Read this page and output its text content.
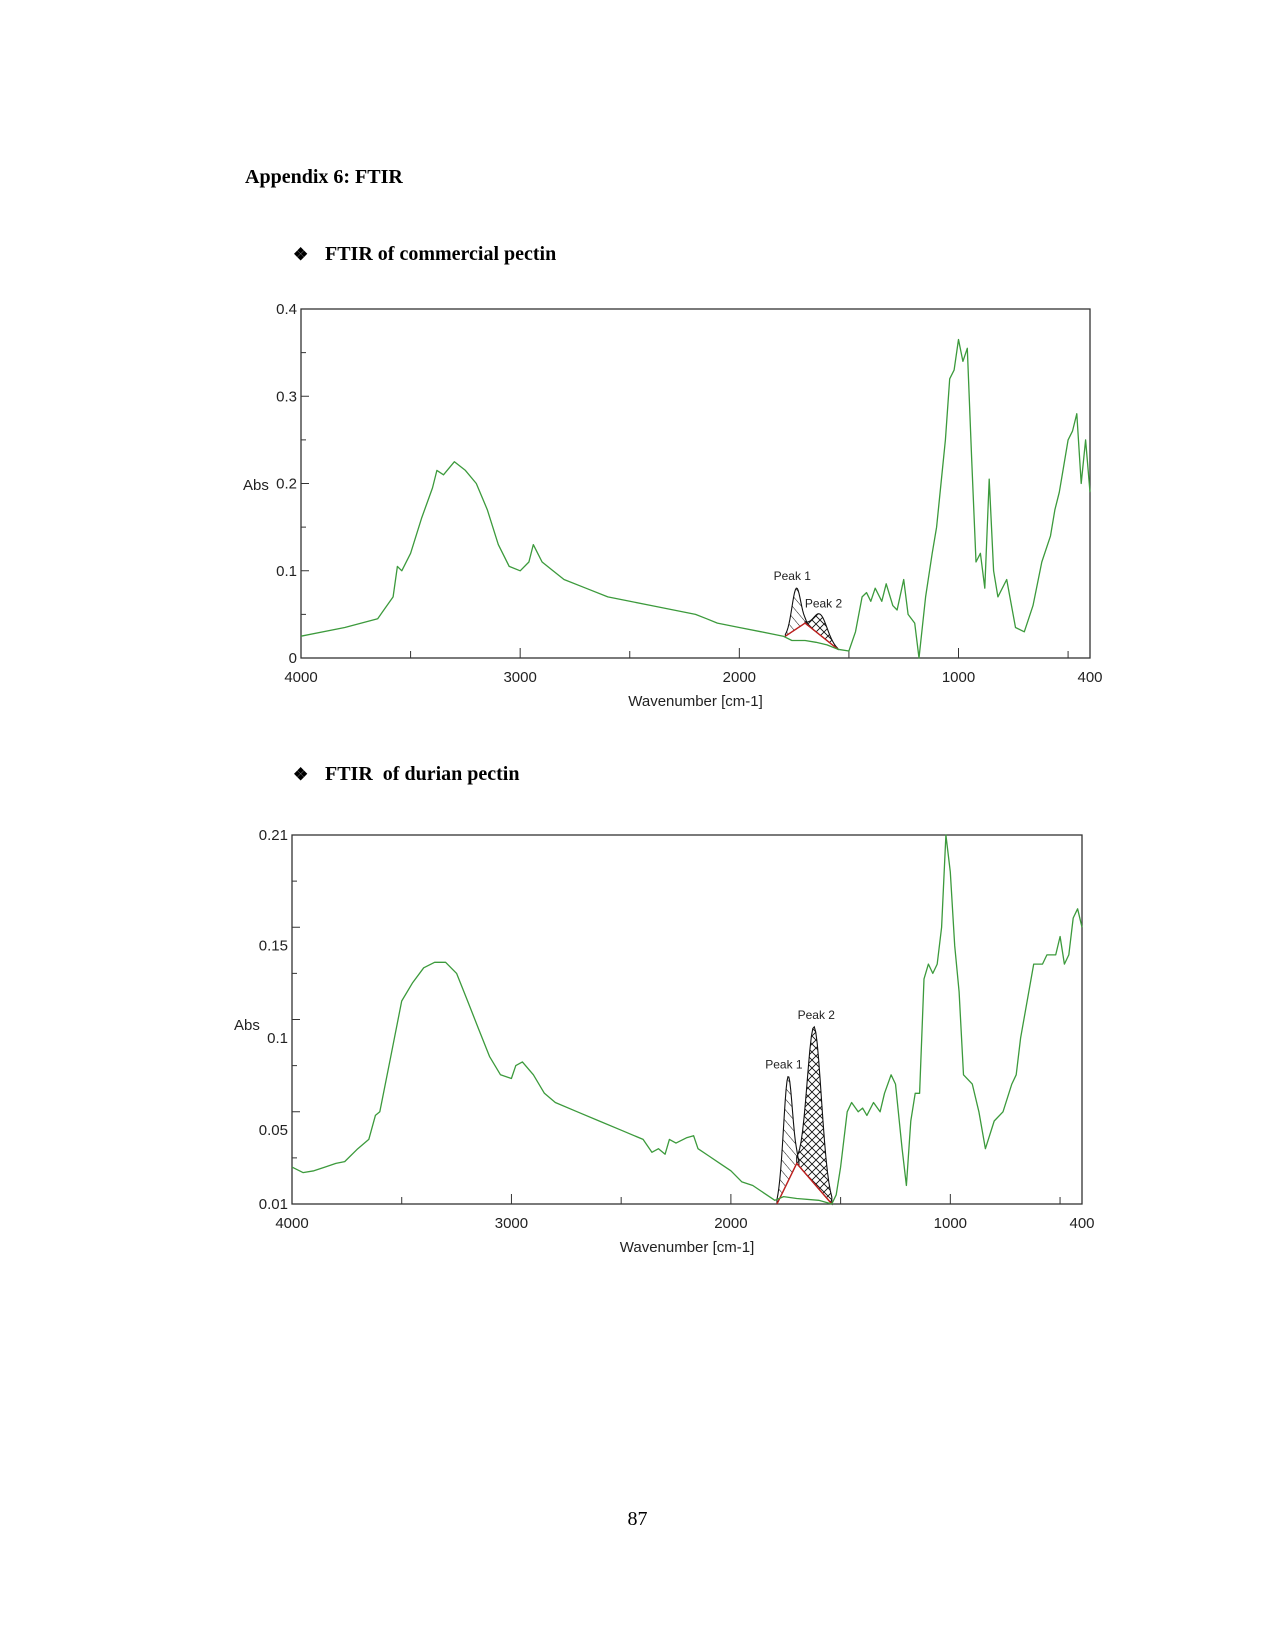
Appendix 6: FTIR

❖ FTIR of commercial pectin

❖ FTIR  of durian pectin

4000	3000	2000	1000	400
0
0.1
0.2
0.3
0.4
Wavenumber [cm-1]
Abs
Peak 1
Peak 2
4000	3000	2000	1000	400
0.01
0.05
0.1
0.15
0.21
Wavenumber [cm-1]
Abs
Peak 1
Peak 2
87
